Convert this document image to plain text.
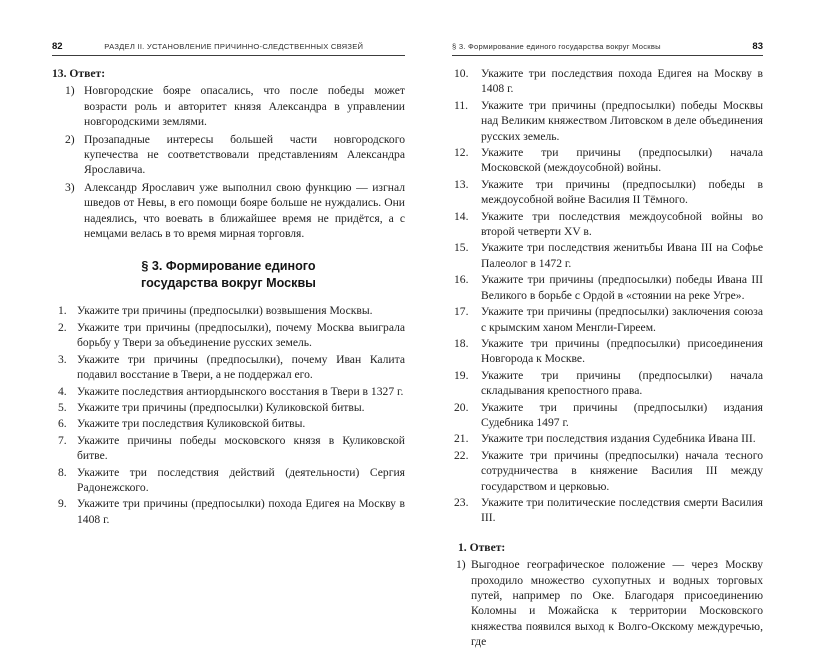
82	РАЗДЕЛ II. УСТАНОВЛЕНИЕ ПРИЧИННО-СЛЕДСТВЕННЫХ СВЯЗЕЙ
13. Ответ:
1) Новгородские бояре опасались, что после победы может возрасти роль и авторитет князя Александра в управлении новгородскими землями.
2) Прозападные интересы большей части новгородского купечества не соответствовали представлениям Александра Ярославича.
3) Александр Ярославич уже выполнил свою функцию — изгнал шведов от Невы, в его помощи бояре больше не нуждались. Они надеялись, что воевать в ближайшее время не придётся, а с немцами велась в то время мирная торговля.
§ 3. Формирование единого
государства вокруг Москвы
1. Укажите три причины (предпосылки) возвышения Москвы.
2. Укажите три причины (предпосылки), почему Москва выиграла борьбу у Твери за объединение русских земель.
3. Укажите три причины (предпосылки), почему Иван Калита подавил восстание в Твери, а не поддержал его.
4. Укажите последствия антиордынского восстания в Твери в 1327 г.
5. Укажите три причины (предпосылки) Куликовской битвы.
6. Укажите три последствия Куликовской битвы.
7. Укажите причины победы московского князя в Куликовской битве.
8. Укажите три последствия действий (деятельности) Сергия Радонежского.
9. Укажите три причины (предпосылки) похода Едигея на Москву в 1408 г.
§ 3. Формирование единого государства вокруг Москвы	83
10.	Укажите три последствия похода Едигея на Москву в 1408 г.
11.	Укажите три причины (предпосылки) победы Москвы над Великим княжеством Литовском в деле объединения русских земель.
12.	Укажите три причины (предпосылки) начала Московской (междоусобной) войны.
13.	Укажите три причины (предпосылки) победы в междоусобной войне Василия II Тёмного.
14.	Укажите три последствия междоусобной войны во второй четверти XV в.
15.	Укажите три последствия женитьбы Ивана III на Софье Палеолог в 1472 г.
16.	Укажите три причины (предпосылки) победы Ивана III Великого в борьбе с Ордой в «стоянии на реке Угре».
17.	Укажите три причины (предпосылки) заключения союза с крымским ханом Менгли-Гиреем.
18.	Укажите три причины (предпосылки) присоединения Новгорода к Москве.
19.	Укажите три причины (предпосылки) начала складывания крепостного права.
20.	Укажите три причины (предпосылки) издания Судебника 1497 г.
21.	Укажите три последствия издания Судебника Ивана III.
22.	Укажите три причины (предпосылки) начала тесного сотрудничества в княжение Василия III между государством и церковью.
23.	Укажите три политические последствия смерти Василия III.
1. Ответ:
1) Выгодное географическое положение — через Москву проходило множество сухопутных и водных торговых путей, например по Оке. Благодаря присоединению Коломны и Можайска к территории Московского княжества появился выход к Волго-Окскому междуречью, где
